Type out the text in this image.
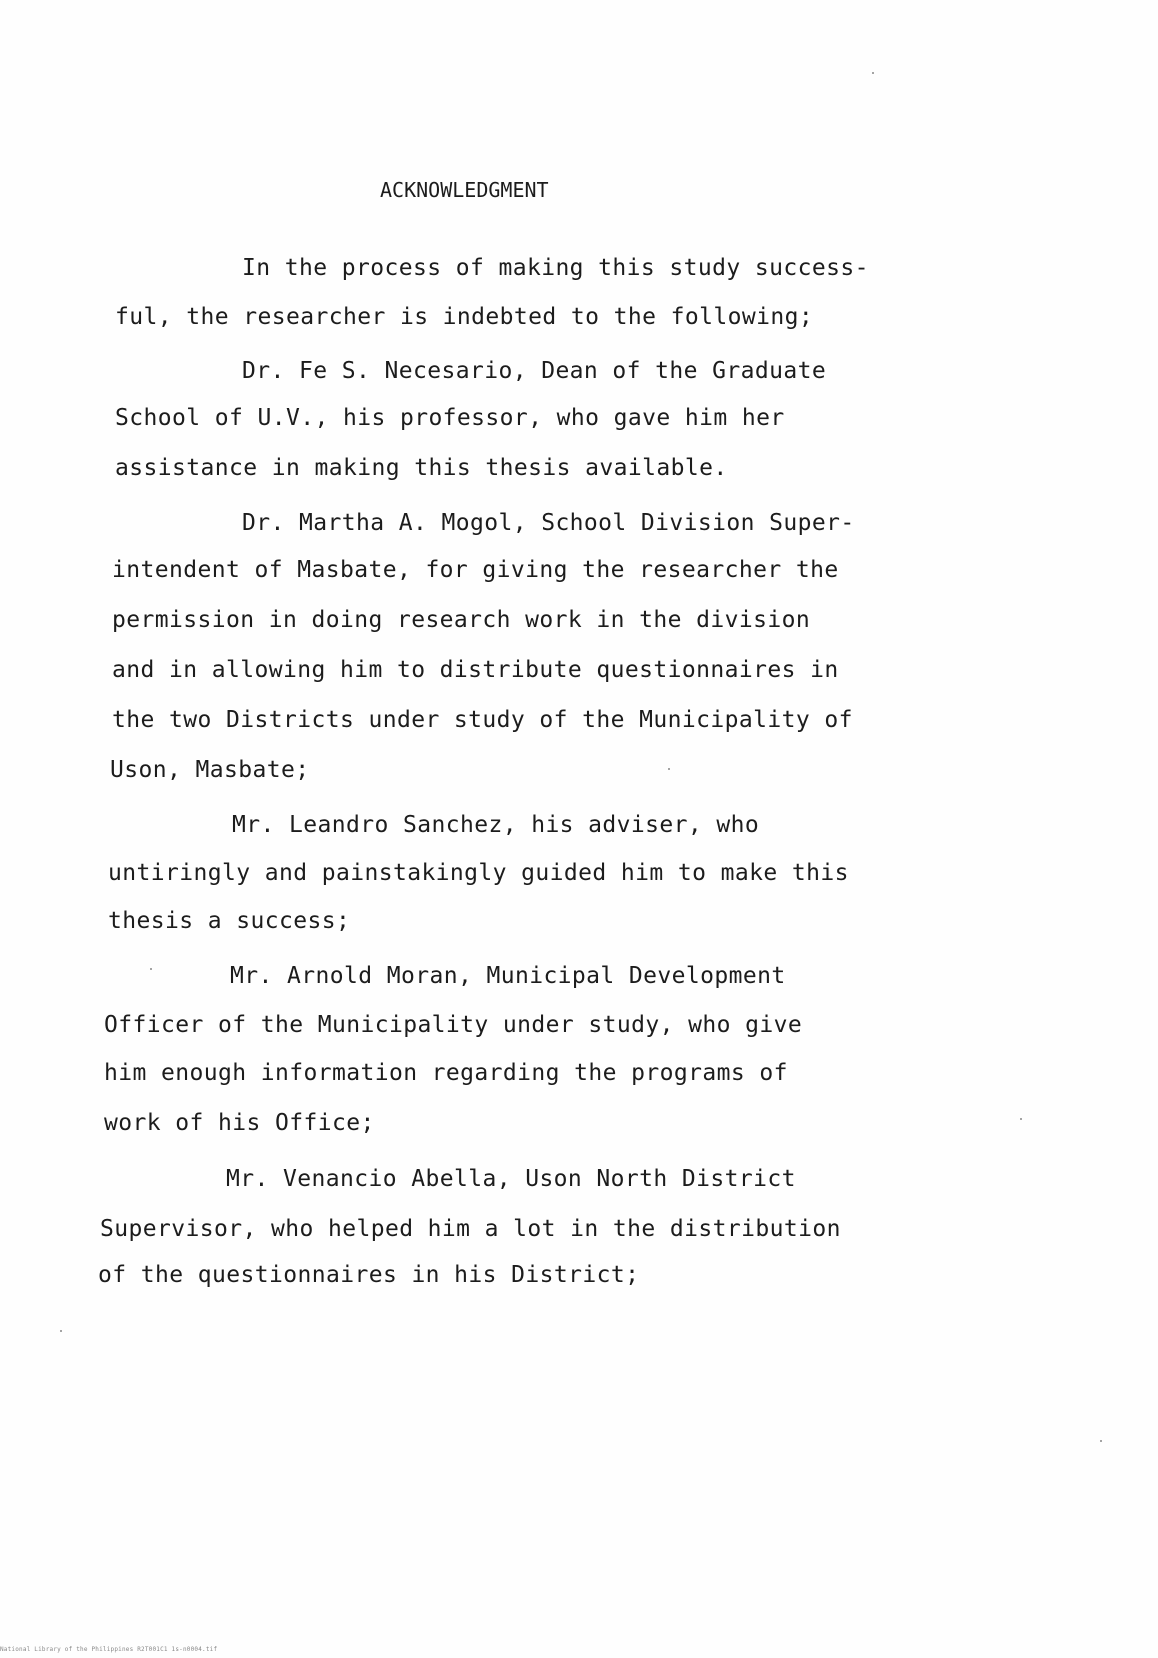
ACKNOWLEDGMENT
In the process of making this study success-
ful, the researcher is indebted to the following;
Dr. Fe S. Necesario, Dean of the Graduate
School of U.V., his professor, who gave him her
assistance in making this thesis available.
Dr. Martha A. Mogol, School Division Super-
intendent of Masbate, for giving the researcher the
permission in doing research work in the division
and in allowing him to distribute questionnaires in
the two Districts under study of the Municipality of
Uson, Masbate;
Mr. Leandro Sanchez, his adviser, who
untiringly and painstakingly guided him to make this
thesis a success;
Mr. Arnold Moran, Municipal Development
Officer of the Municipality under study, who give
him enough information regarding the programs of
work of his Office;
Mr. Venancio Abella, Uson North District
Supervisor, who helped him a lot in the distribution
of the questionnaires in his District;
National Library of the Philippines R2T001C1 1s-n0004.tif
